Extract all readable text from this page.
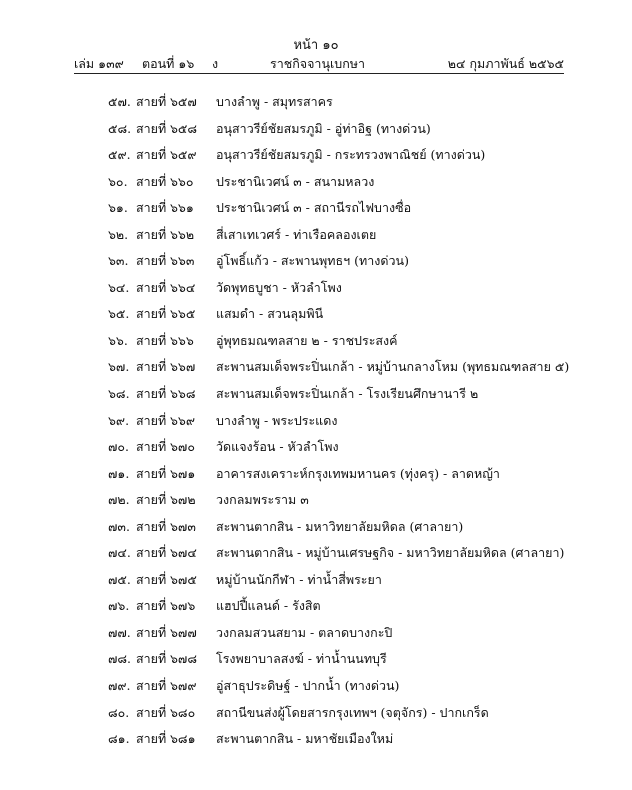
หน้า ๑๐
เล่ม ๑๓๙ ตอนที่ ๑๖ ง	ราชกิจจานุเบกษา	๒๔ กุมภาพันธ์ ๒๕๖๕
๕๗. สายที่ ๖๕๗ บางลำพู - สมุทรสาคร
๕๘. สายที่ ๖๕๘ อนุสาวรีย์ชัยสมรภูมิ - อู่ท่าอิฐ (ทางด่วน)
๕๙. สายที่ ๖๕๙ อนุสาวรีย์ชัยสมรภูมิ - กระทรวงพาณิชย์ (ทางด่วน)
๖๐. สายที่ ๖๖๐ ประชานิเวศน์ ๓ - สนามหลวง
๖๑. สายที่ ๖๖๑ ประชานิเวศน์ ๓ - สถานีรถไฟบางซื่อ
๖๒. สายที่ ๖๖๒ สี่เสาเทเวศร์ - ท่าเรือคลองเตย
๖๓. สายที่ ๖๖๓ อู่โพธิ์แก้ว - สะพานพุทธฯ (ทางด่วน)
๖๔. สายที่ ๖๖๔ วัดพุทธบูชา - หัวลำโพง
๖๕. สายที่ ๖๖๕ แสมดำ - สวนลุมพินี
๖๖. สายที่ ๖๖๖ อู่พุทธมณฑลสาย ๒ - ราชประสงค์
๖๗. สายที่ ๖๖๗ สะพานสมเด็จพระปิ่นเกล้า - หมู่บ้านกลางโหม (พุทธมณฑลสาย ๕)
๖๘. สายที่ ๖๖๘ สะพานสมเด็จพระปิ่นเกล้า - โรงเรียนศึกษานารี ๒
๖๙. สายที่ ๖๖๙ บางลำพู - พระประแดง
๗๐. สายที่ ๖๗๐ วัดแจงร้อน - หัวลำโพง
๗๑. สายที่ ๖๗๑ อาคารสงเคราะห์กรุงเทพมหานคร (ทุ่งครุ) - ลาดหญ้า
๗๒. สายที่ ๖๗๒ วงกลมพระราม ๓
๗๓. สายที่ ๖๗๓ สะพานตากสิน - มหาวิทยาลัยมหิดล (ศาลายา)
๗๔. สายที่ ๖๗๔ สะพานตากสิน - หมู่บ้านเศรษฐกิจ - มหาวิทยาลัยมหิดล (ศาลายา)
๗๕. สายที่ ๖๗๕ หมู่บ้านนักกีฬา - ท่าน้ำสี่พระยา
๗๖. สายที่ ๖๗๖ แฮปปี้แลนด์ - รังสิต
๗๗. สายที่ ๖๗๗ วงกลมสวนสยาม - ตลาดบางกะปิ
๗๘. สายที่ ๖๗๘ โรงพยาบาลสงฆ์ - ท่าน้ำนนทบุรี
๗๙. สายที่ ๖๗๙ อู่สาธุประดิษฐ์ - ปากน้ำ (ทางด่วน)
๘๐. สายที่ ๖๘๐ สถานีขนส่งผู้โดยสารกรุงเทพฯ (จตุจักร) - ปากเกร็ด
๘๑. สายที่ ๖๘๑ สะพานตากสิน - มหาชัยเมืองใหม่
